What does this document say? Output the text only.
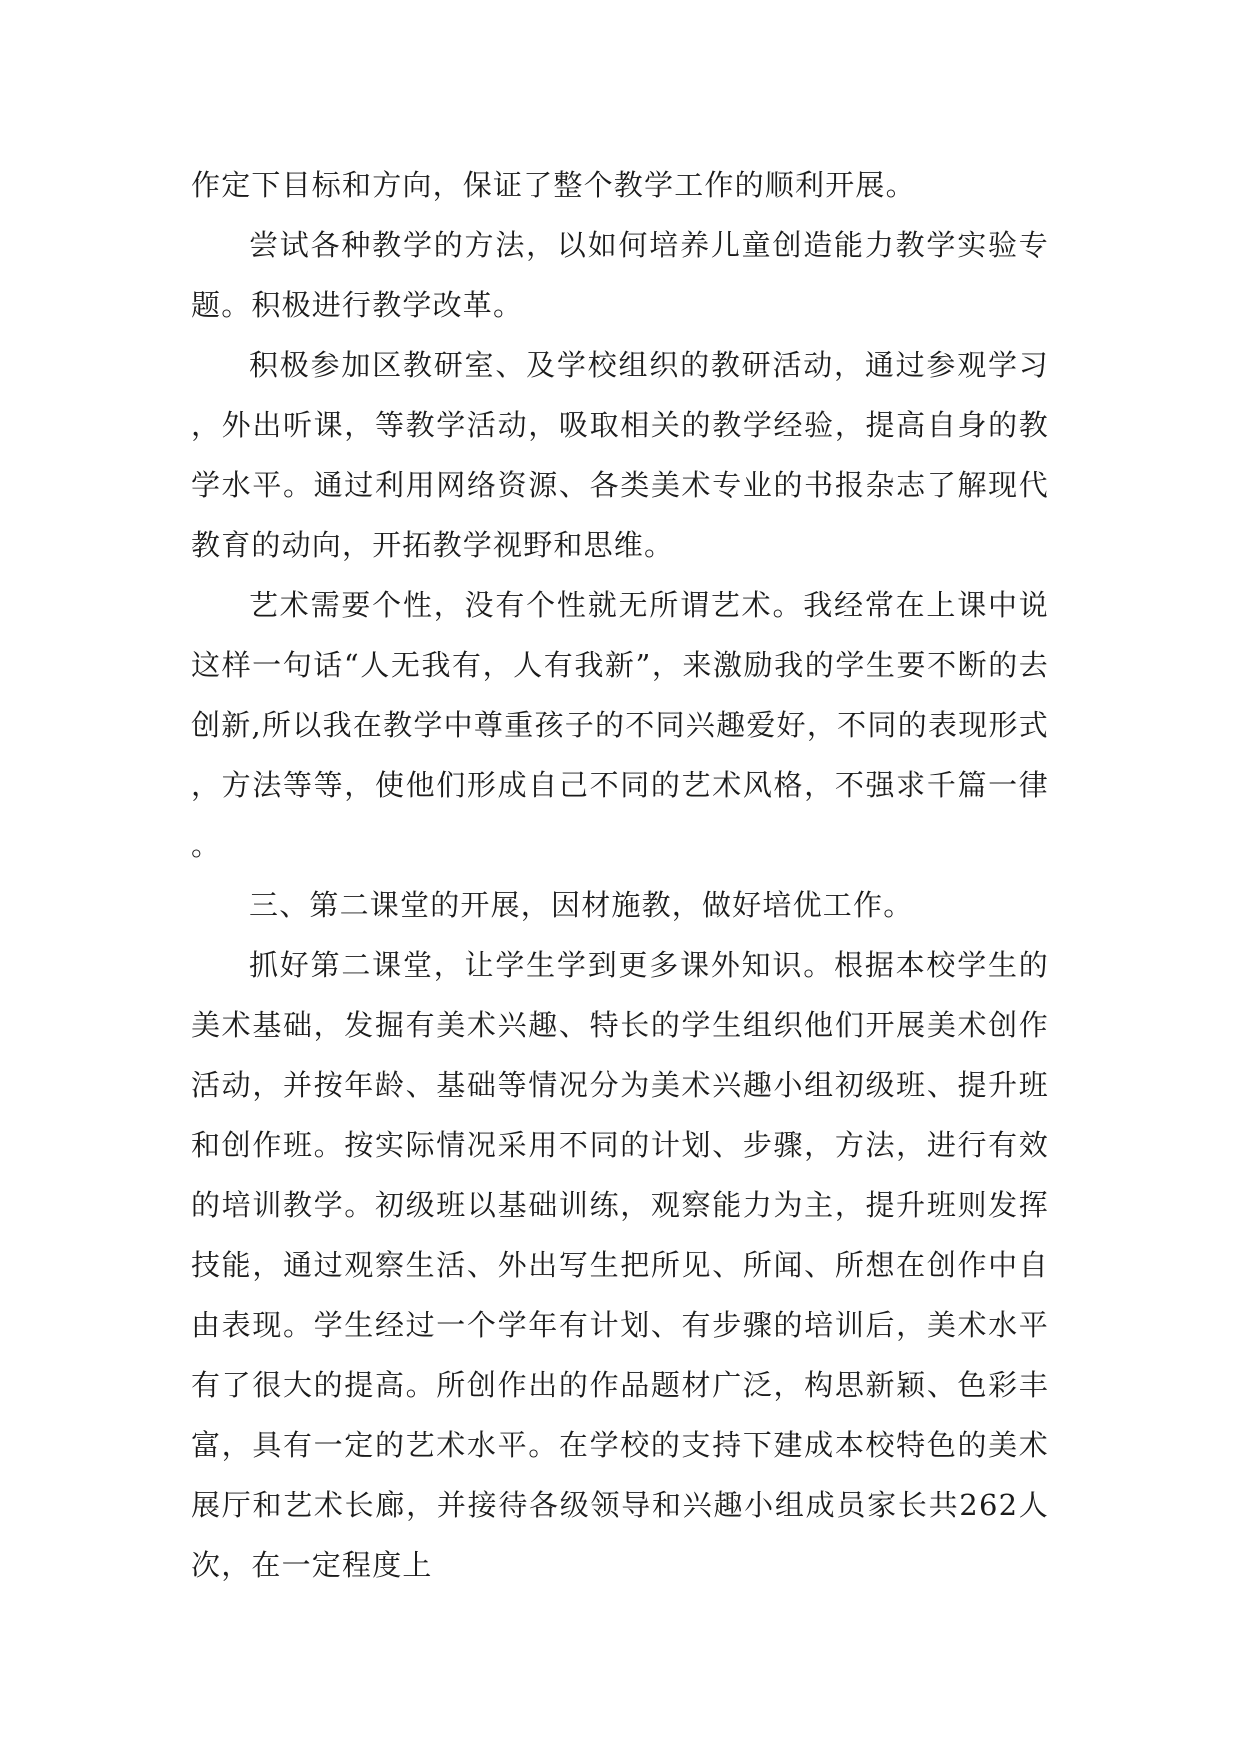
作定下目标和方向，保证了整个教学工作的顺利开展。

尝试各种教学的方法，以如何培养儿童创造能力教学实验专题。积极进行教学改革。

积极参加区教研室、及学校组织的教研活动，通过参观学习，外出听课，等教学活动，吸取相关的教学经验，提高自身的教学水平。通过利用网络资源、各类美术专业的书报杂志了解现代教育的动向，开拓教学视野和思维。

艺术需要个性，没有个性就无所谓艺术。我经常在上课中说这样一句话“人无我有，人有我新”，来激励我的学生要不断的去创新,所以我在教学中尊重孩子的不同兴趣爱好，不同的表现形式，方法等等，使他们形成自己不同的艺术风格，不强求千篇一律。

三、第二课堂的开展，因材施教，做好培优工作。

抓好第二课堂，让学生学到更多课外知识。根据本校学生的美术基础，发掘有美术兴趣、特长的学生组织他们开展美术创作活动，并按年龄、基础等情况分为美术兴趣小组初级班、提升班和创作班。按实际情况采用不同的计划、步骤，方法，进行有效的培训教学。初级班以基础训练，观察能力为主，提升班则发挥技能，通过观察生活、外出写生把所见、所闻、所想在创作中自由表现。学生经过一个学年有计划、有步骤的培训后，美术水平有了很大的提高。所创作出的作品题材广泛，构思新颖、色彩丰富，具有一定的艺术水平。在学校的支持下建成本校特色的美术展厅和艺术长廊，并接待各级领导和兴趣小组成员家长共262人次，在一定程度上
